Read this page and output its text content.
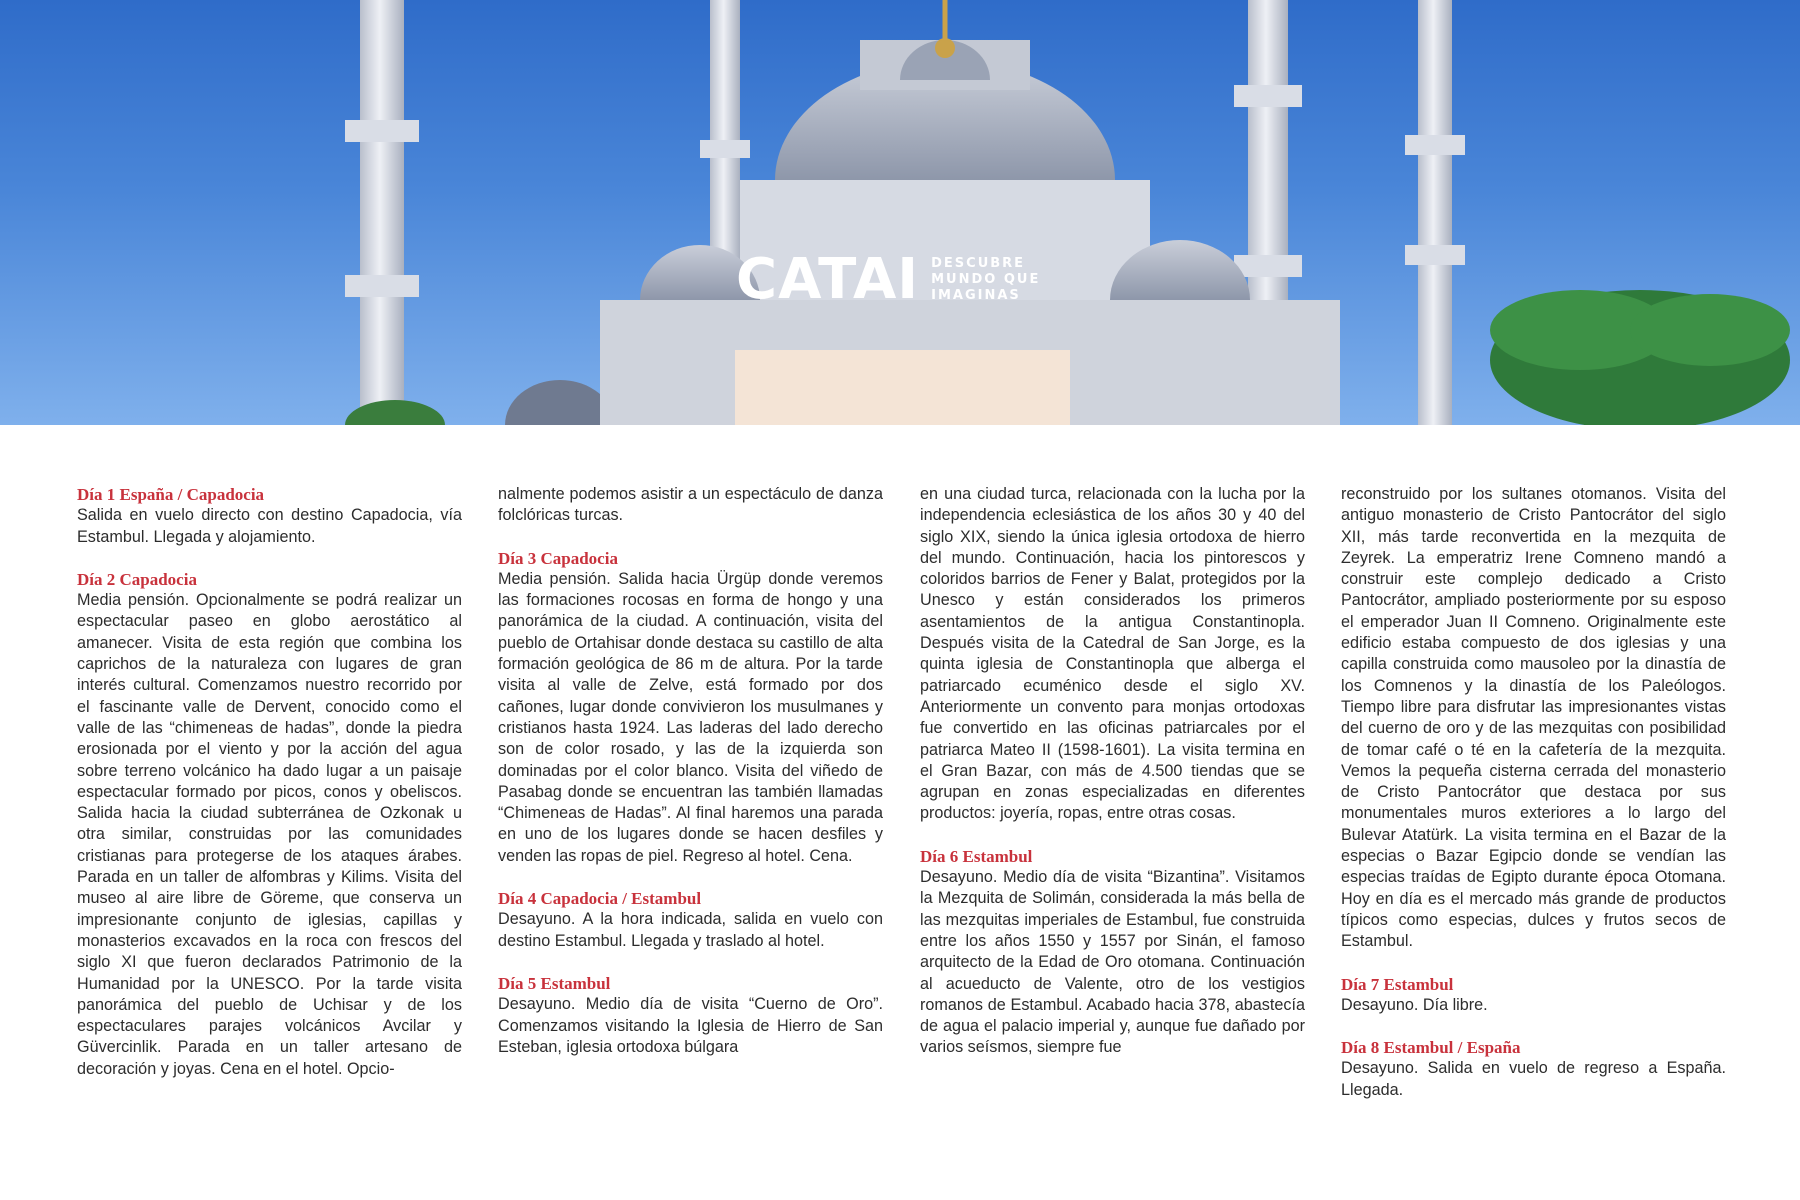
CATAI DESCUBRE
MUNDO QUE
IMAGINAS
Día 1 España / Capadocia

Salida en vuelo directo con destino Capadocia, vía Estambul. Llegada y alojamiento.

Día 2 Capadocia

Media pensión. Opcionalmente se podrá realizar un espectacular paseo en globo aerostático al amanecer. Visita de esta región que combina los caprichos de la naturaleza con lugares de gran interés cultural. Comenzamos nuestro recorrido por el fascinante valle de Dervent, conocido como el valle de las “chimeneas de hadas”, donde la piedra erosionada por el viento y por la acción del agua sobre terreno volcánico ha dado lugar a un paisaje espectacular formado por picos, conos y obeliscos. Salida hacia la ciudad subterránea de Ozkonak u otra similar, construidas por las comunidades cristianas para protegerse de los ataques árabes. Parada en un taller de alfombras y Kilims. Visita del museo al aire libre de Göreme, que conserva un impresionante conjunto de iglesias, capillas y monasterios excavados en la roca con frescos del siglo XI que fueron declarados Patrimonio de la Humanidad por la UNESCO. Por la tarde visita panorámica del pueblo de Uchisar y de los espectaculares parajes volcánicos Avcilar y Güvercinlik. Parada en un taller artesano de decoración y joyas. Cena en el hotel. Opcio-

nalmente podemos asistir a un espectáculo de danza folclóricas turcas.

Día 3 Capadocia

Media pensión. Salida hacia Ürgüp donde veremos las formaciones rocosas en forma de hongo y una panorámica de la ciudad. A continuación, visita del pueblo de Ortahisar donde destaca su castillo de alta formación geológica de 86 m de altura. Por la tarde visita al valle de Zelve, está formado por dos cañones, lugar donde convivieron los musulmanes y cristianos hasta 1924. Las laderas del lado derecho son de color rosado, y las de la izquierda son dominadas por el color blanco. Visita del viñedo de Pasabag donde se encuentran las también llamadas “Chimeneas de Hadas”. Al final haremos una parada en uno de los lugares donde se hacen desfiles y venden las ropas de piel. Regreso al hotel. Cena.

Día 4 Capadocia / Estambul

Desayuno. A la hora indicada, salida en vuelo con destino Estambul. Llegada y traslado al hotel.

Día 5 Estambul

Desayuno. Medio día de visita “Cuerno de Oro”. Comenzamos visitando la Iglesia de Hierro de San Esteban, iglesia ortodoxa búlgara

en una ciudad turca, relacionada con la lucha por la independencia eclesiástica de los años 30 y 40 del siglo XIX, siendo la única iglesia ortodoxa de hierro del mundo. Continuación, hacia los pintorescos y coloridos barrios de Fener y Balat, protegidos por la Unesco y están considerados los primeros asentamientos de la antigua Constantinopla. Después visita de la Catedral de San Jorge, es la quinta iglesia de Constantinopla que alberga el patriarcado ecuménico desde el siglo XV. Anteriormente un convento para monjas ortodoxas fue convertido en las oficinas patriarcales por el patriarca Mateo II (1598-1601). La visita termina en el Gran Bazar, con más de 4.500 tiendas que se agrupan en zonas especializadas en diferentes productos: joyería, ropas, entre otras cosas.

Día 6 Estambul

Desayuno. Medio día de visita “Bizantina”. Visitamos la Mezquita de Solimán, considerada la más bella de las mezquitas imperiales de Estambul, fue construida entre los años 1550 y 1557 por Sinán, el famoso arquitecto de la Edad de Oro otomana. Continuación al acueducto de Valente, otro de los vestigios romanos de Estambul. Acabado hacia 378, abastecía de agua el palacio imperial y, aunque fue dañado por varios seísmos, siempre fue

reconstruido por los sultanes otomanos. Visita del antiguo monasterio de Cristo Pantocrátor del siglo XII, más tarde reconvertida en la mezquita de Zeyrek. La emperatriz Irene Comneno mandó a construir este complejo dedicado a Cristo Pantocrátor, ampliado posteriormente por su esposo el emperador Juan II Comneno. Originalmente este edificio estaba compuesto de dos iglesias y una capilla construida como mausoleo por la dinastía de los Comnenos y la dinastía de los Paleólogos. Tiempo libre para disfrutar las impresionantes vistas del cuerno de oro y de las mezquitas con posibilidad de tomar café o té en la cafetería de la mezquita. Vemos la pequeña cisterna cerrada del monasterio de Cristo Pantocrátor que destaca por sus monumentales muros exteriores a lo largo del Bulevar Atatürk. La visita termina en el Bazar de la especias o Bazar Egipcio donde se vendían las especias traídas de Egipto durante época Otomana. Hoy en día es el mercado más grande de productos típicos como especias, dulces y frutos secos de Estambul.

Día 7 Estambul

Desayuno. Día libre.

Día 8 Estambul / España

Desayuno. Salida en vuelo de regreso a España. Llegada.
